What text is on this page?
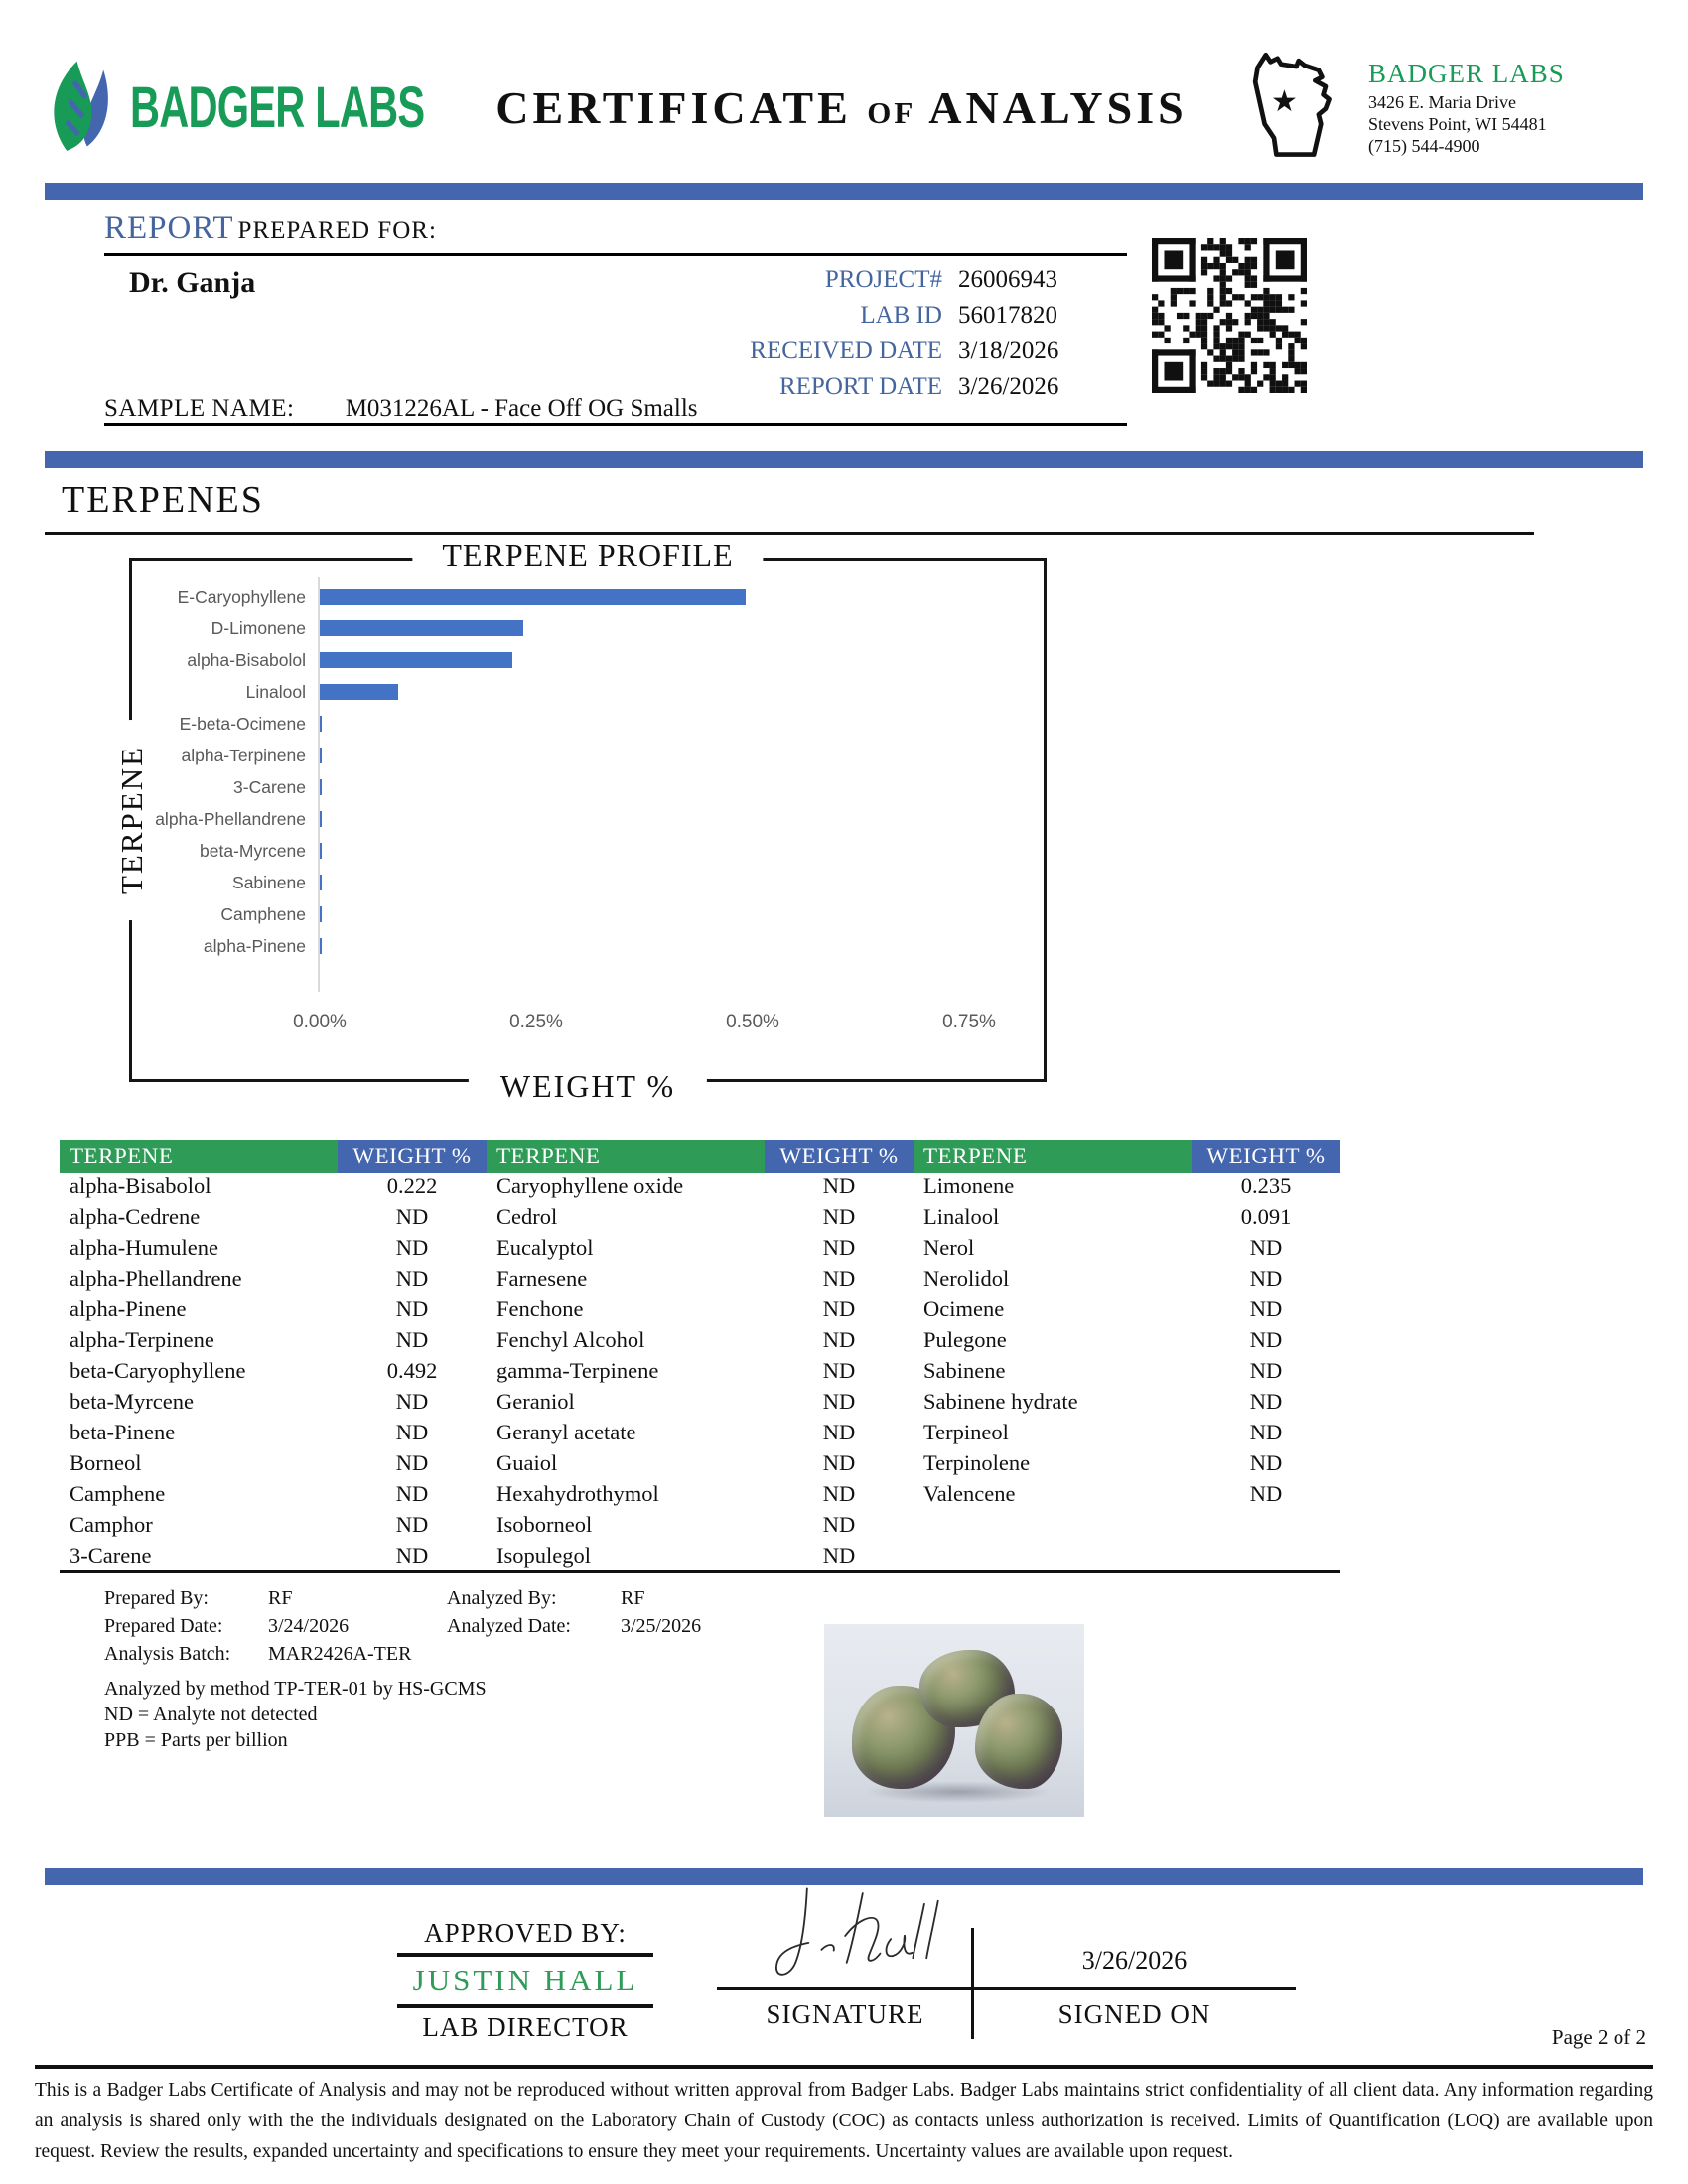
BADGER LABS	CERTIFICATE OF ANALYSIS	★
BADGER LABS
3426 E. Maria Drive
Stevens Point, WI 54481
(715) 544-4900
REPORT PREPARED FOR:
Dr. Ganja	PROJECT# 26006943
LAB ID 56017820
RECEIVED DATE 3/18/2026
REPORT DATE 3/26/2026
SAMPLE NAME: M031226AL - Face Off OG Smalls
TERPENES
TERPENE PROFILE
TERPENE
WEIGHT %
E-Caryophyllene
D-Limonene
alpha-Bisabolol
Linalool
E-beta-Ocimene
alpha-Terpinene
3-Carene
alpha-Phellandrene
beta-Myrcene
Sabinene
Camphene
alpha-Pinene
0.00%	0.25%	0.50%	0.75%
TERPENE	WEIGHT %
alpha-Bisabolol	0.222
alpha-Cedrene	ND
alpha-Humulene	ND
alpha-Phellandrene	ND
alpha-Pinene	ND
alpha-Terpinene	ND
beta-Caryophyllene	0.492
beta-Myrcene	ND
beta-Pinene	ND
Borneol	ND
Camphene	ND
Camphor	ND
3-Carene	ND
TERPENE	WEIGHT %
Caryophyllene oxide	ND
Cedrol	ND
Eucalyptol	ND
Farnesene	ND
Fenchone	ND
Fenchyl Alcohol	ND
gamma-Terpinene	ND
Geraniol	ND
Geranyl acetate	ND
Guaiol	ND
Hexahydrothymol	ND
Isoborneol	ND
Isopulegol	ND
TERPENE	WEIGHT %
Limonene	0.235
Linalool	0.091
Nerol	ND
Nerolidol	ND
Ocimene	ND
Pulegone	ND
Sabinene	ND
Sabinene hydrate	ND
Terpineol	ND
Terpinolene	ND
Valencene	ND
Prepared By:	RF	Analyzed By:	RF
Prepared Date:	3/24/2026	Analyzed Date:	3/25/2026
Analysis Batch:	MAR2426A-TER
Analyzed by method TP-TER-01 by HS-GCMS
ND = Analyte not detected
PPB = Parts per billion
APPROVED BY:
JUSTIN HALL
LAB DIRECTOR
3/26/2026
SIGNATURE	SIGNED ON
Page 2 of 2
This is a Badger Labs Certificate of Analysis and may not be reproduced without written approval from Badger Labs. Badger Labs maintains strict confidentiality of all client data. Any information regarding an analysis is shared only with the the individuals designated on the Laboratory Chain of Custody (COC) as contacts unless authorization is received. Limits of Quantification (LOQ) are available upon request. Review the results, expanded uncertainty and specifications to ensure they meet your requirements. Uncertainty values are available upon request.
